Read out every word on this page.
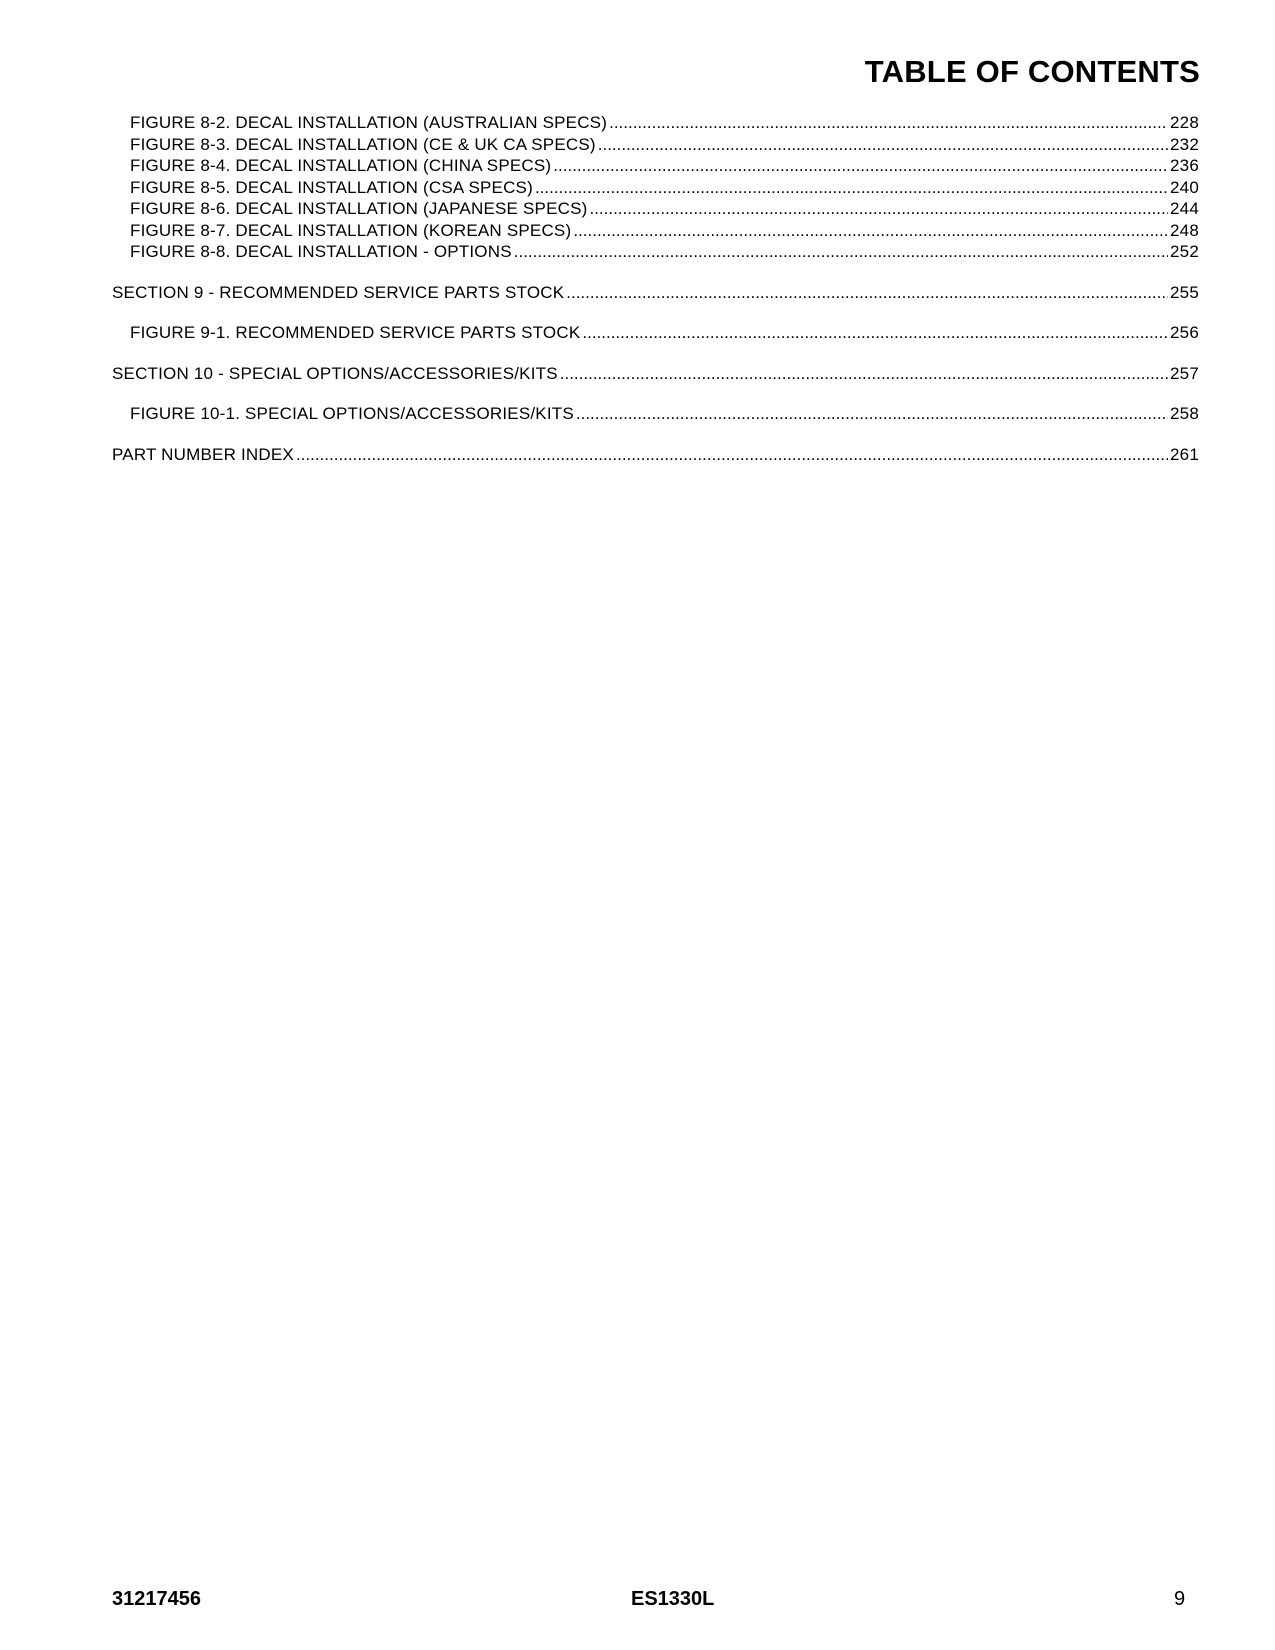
TABLE OF CONTENTS
FIGURE 8-2. DECAL INSTALLATION (AUSTRALIAN SPECS) .....	228
FIGURE 8-3. DECAL INSTALLATION (CE & UK CA SPECS) .....	232
FIGURE 8-4. DECAL INSTALLATION (CHINA SPECS) .....	236
FIGURE 8-5. DECAL INSTALLATION (CSA SPECS) .....	240
FIGURE 8-6. DECAL INSTALLATION (JAPANESE SPECS) .....	244
FIGURE 8-7. DECAL INSTALLATION (KOREAN SPECS) .....	248
FIGURE 8-8. DECAL INSTALLATION - OPTIONS .....	252
SECTION 9 - RECOMMENDED SERVICE PARTS STOCK .....	255
FIGURE 9-1. RECOMMENDED SERVICE PARTS STOCK .....	256
SECTION 10 - SPECIAL OPTIONS/ACCESSORIES/KITS .....	257
FIGURE 10-1. SPECIAL OPTIONS/ACCESSORIES/KITS .....	258
PART NUMBER INDEX .....	261
31217456	ES1330L	9
